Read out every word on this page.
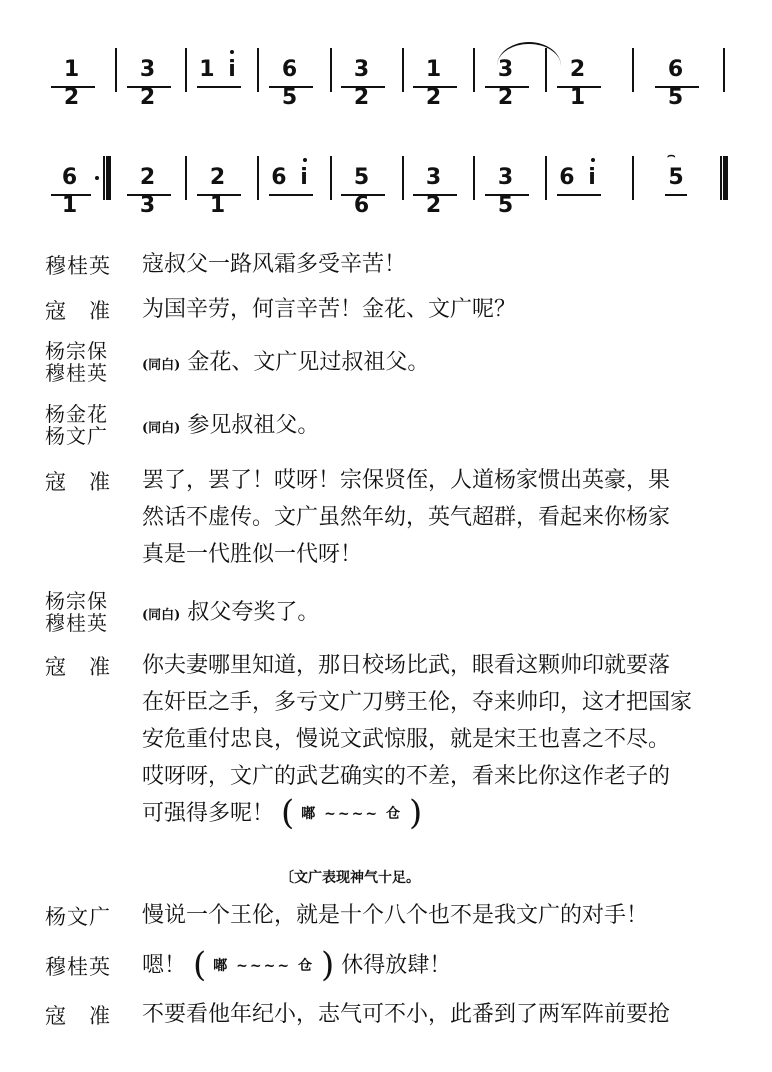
1 2
3 2
1 i	6 5
3 2
1 2
3 2
2 1
6 5
6 1
2 3
2 1
6 i	5 6
3 2
3 5
6 i
⌢
5
穆桂英	寇叔父一路风霜多受辛苦！
寇　准	为国辛劳，何言辛苦！金花、文广呢？
杨宗保
穆桂英	(同白) 金花、文广见过叔祖父。
杨金花
杨文广	(同白) 参见叔祖父。
寇　准	罢了，罢了！哎呀！宗保贤侄，人道杨家惯出英豪，果
然话不虚传。文广虽然年幼，英气超群，看起来你杨家
真是一代胜似一代呀！
杨宗保
穆桂英	(同白) 叔父夸奖了。
寇　准	你夫妻哪里知道，那日校场比武，眼看这颗帅印就要落
在奸臣之手，多亏文广刀劈王伦，夺来帅印，这才把国家
安危重付忠良，慢说文武惊服，就是宋王也喜之不尽。
哎呀呀，文广的武艺确实的不差，看来比你这作老子的
可强得多呢！ ( 嘟 ~~~~ 仓 )
〔文广表现神气十足。
杨文广	慢说一个王伦，就是十个八个也不是我文广的对手！
穆桂英	嗯！ ( 嘟 ~~~~ 仓 ) 休得放肆！
寇　准	不要看他年纪小，志气可不小，此番到了两军阵前要抢
